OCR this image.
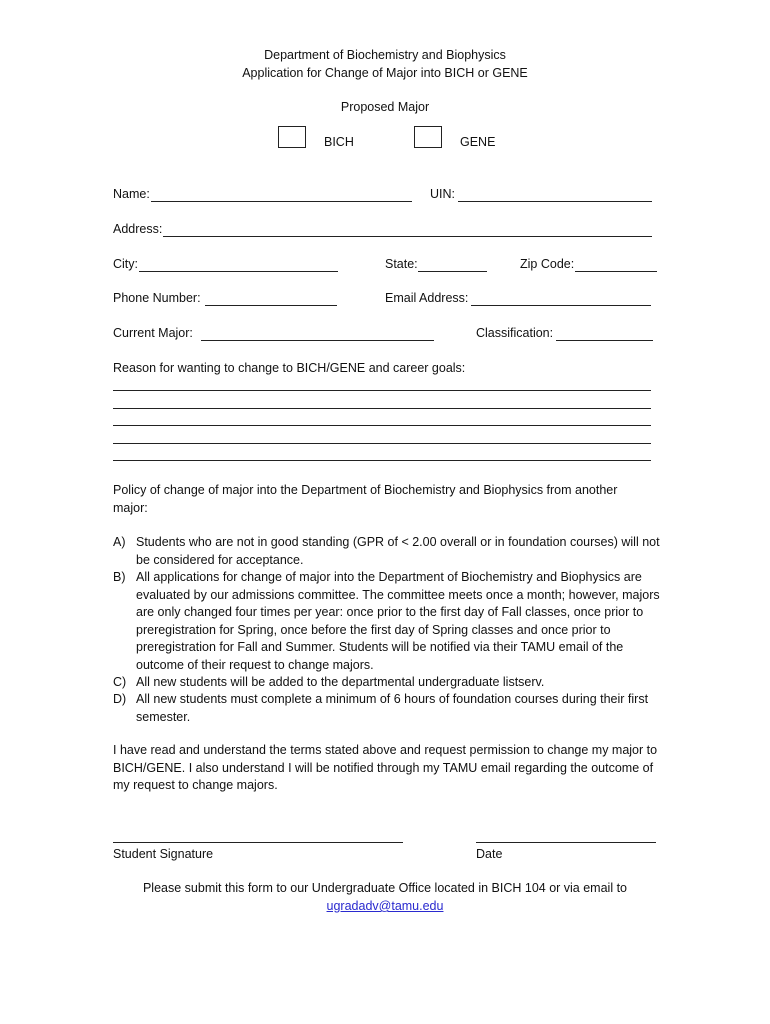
Department of Biochemistry and Biophysics
Application for Change of Major into BICH or GENE
Proposed Major
BICH	GENE
Name:	UIN:
Address:
City:	State:	Zip Code:
Phone Number:	Email Address:
Current Major:	Classification:
Reason for wanting to change to BICH/GENE and career goals:
Policy of change of major into the Department of Biochemistry and Biophysics from another major:
A) Students who are not in good standing (GPR of < 2.00 overall or in foundation courses) will not be considered for acceptance.
B) All applications for change of major into the Department of Biochemistry and Biophysics are evaluated by our admissions committee. The committee meets once a month; however, majors are only changed four times per year: once prior to the first day of Fall classes, once prior to preregistration for Spring, once before the first day of Spring classes and once prior to preregistration for Fall and Summer. Students will be notified via their TAMU email of the outcome of their request to change majors.
C) All new students will be added to the departmental undergraduate listserv.
D) All new students must complete a minimum of 6 hours of foundation courses during their first semester.
I have read and understand the terms stated above and request permission to change my major to BICH/GENE. I also understand I will be notified through my TAMU email regarding the outcome of my request to change majors.
Student Signature	Date
Please submit this form to our Undergraduate Office located in BICH 104 or via email to
ugradadv@tamu.edu
